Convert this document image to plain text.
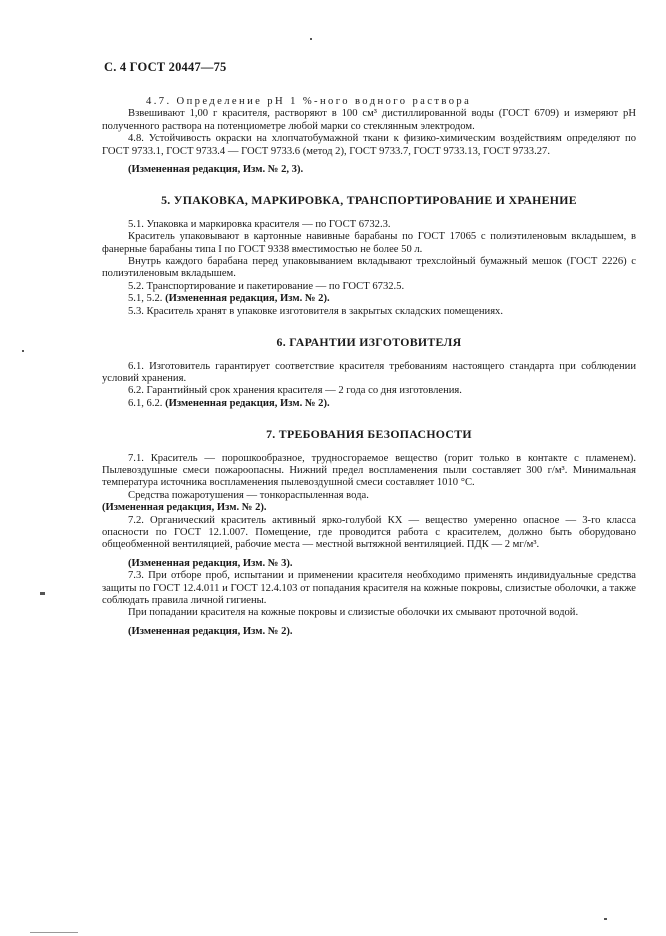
С. 4 ГОСТ 20447—75

4.7. Определение pH 1 %-ного водного раствора

Взвешивают 1,00 г красителя, растворяют в 100 см³ дистиллированной воды (ГОСТ 6709) и измеряют pH полученного раствора на потенциометре любой марки со стеклянным электродом.

4.8. Устойчивость окраски на хлопчатобумажной ткани к физико-химическим воздействиям определяют по ГОСТ 9733.1, ГОСТ 9733.4 — ГОСТ 9733.6 (метод 2), ГОСТ 9733.7, ГОСТ 9733.13, ГОСТ 9733.27.

(Измененная редакция, Изм. № 2, 3).

5. УПАКОВКА, МАРКИРОВКА, ТРАНСПОРТИРОВАНИЕ И ХРАНЕНИЕ

5.1. Упаковка и маркировка красителя — по ГОСТ 6732.3.

Краситель упаковывают в картонные навивные барабаны по ГОСТ 17065 с полиэтиленовым вкладышем, в фанерные барабаны типа I по ГОСТ 9338 вместимостью не более 50 л.

Внутрь каждого барабана перед упаковыванием вкладывают трехслойный бумажный мешок (ГОСТ 2226) с полиэтиленовым вкладышем.

5.2. Транспортирование и пакетирование — по ГОСТ 6732.5.

5.1, 5.2. (Измененная редакция, Изм. № 2).

5.3. Краситель хранят в упаковке изготовителя в закрытых складских помещениях.

6. ГАРАНТИИ ИЗГОТОВИТЕЛЯ

6.1. Изготовитель гарантирует соответствие красителя требованиям настоящего стандарта при соблюдении условий хранения.

6.2. Гарантийный срок хранения красителя — 2 года со дня изготовления.

6.1, 6.2. (Измененная редакция, Изм. № 2).

7. ТРЕБОВАНИЯ БЕЗОПАСНОСТИ

7.1. Краситель — порошкообразное, трудносгораемое вещество (горит только в контакте с пламенем). Пылевоздушные смеси пожароопасны. Нижний предел воспламенения пыли составляет 300 г/м³. Минимальная температура источника воспламенения пылевоздушной смеси составляет 1010 °С.

Средства пожаротушения — тонкораспыленная вода.

(Измененная редакция, Изм. № 2).

7.2. Органический краситель активный ярко-голубой КХ — вещество умеренно опасное — 3-го класса опасности по ГОСТ 12.1.007. Помещение, где проводится работа с красителем, должно быть оборудовано общеобменной вентиляцией, рабочие места — местной вытяжной вентиляцией. ПДК — 2 мг/м³.

(Измененная редакция, Изм. № 3).

7.3. При отборе проб, испытании и применении красителя необходимо применять индивидуальные средства защиты по ГОСТ 12.4.011 и ГОСТ 12.4.103 от попадания красителя на кожные покровы, слизистые оболочки, а также соблюдать правила личной гигиены.

При попадании красителя на кожные покровы и слизистые оболочки их смывают проточной водой.

(Измененная редакция, Изм. № 2).
